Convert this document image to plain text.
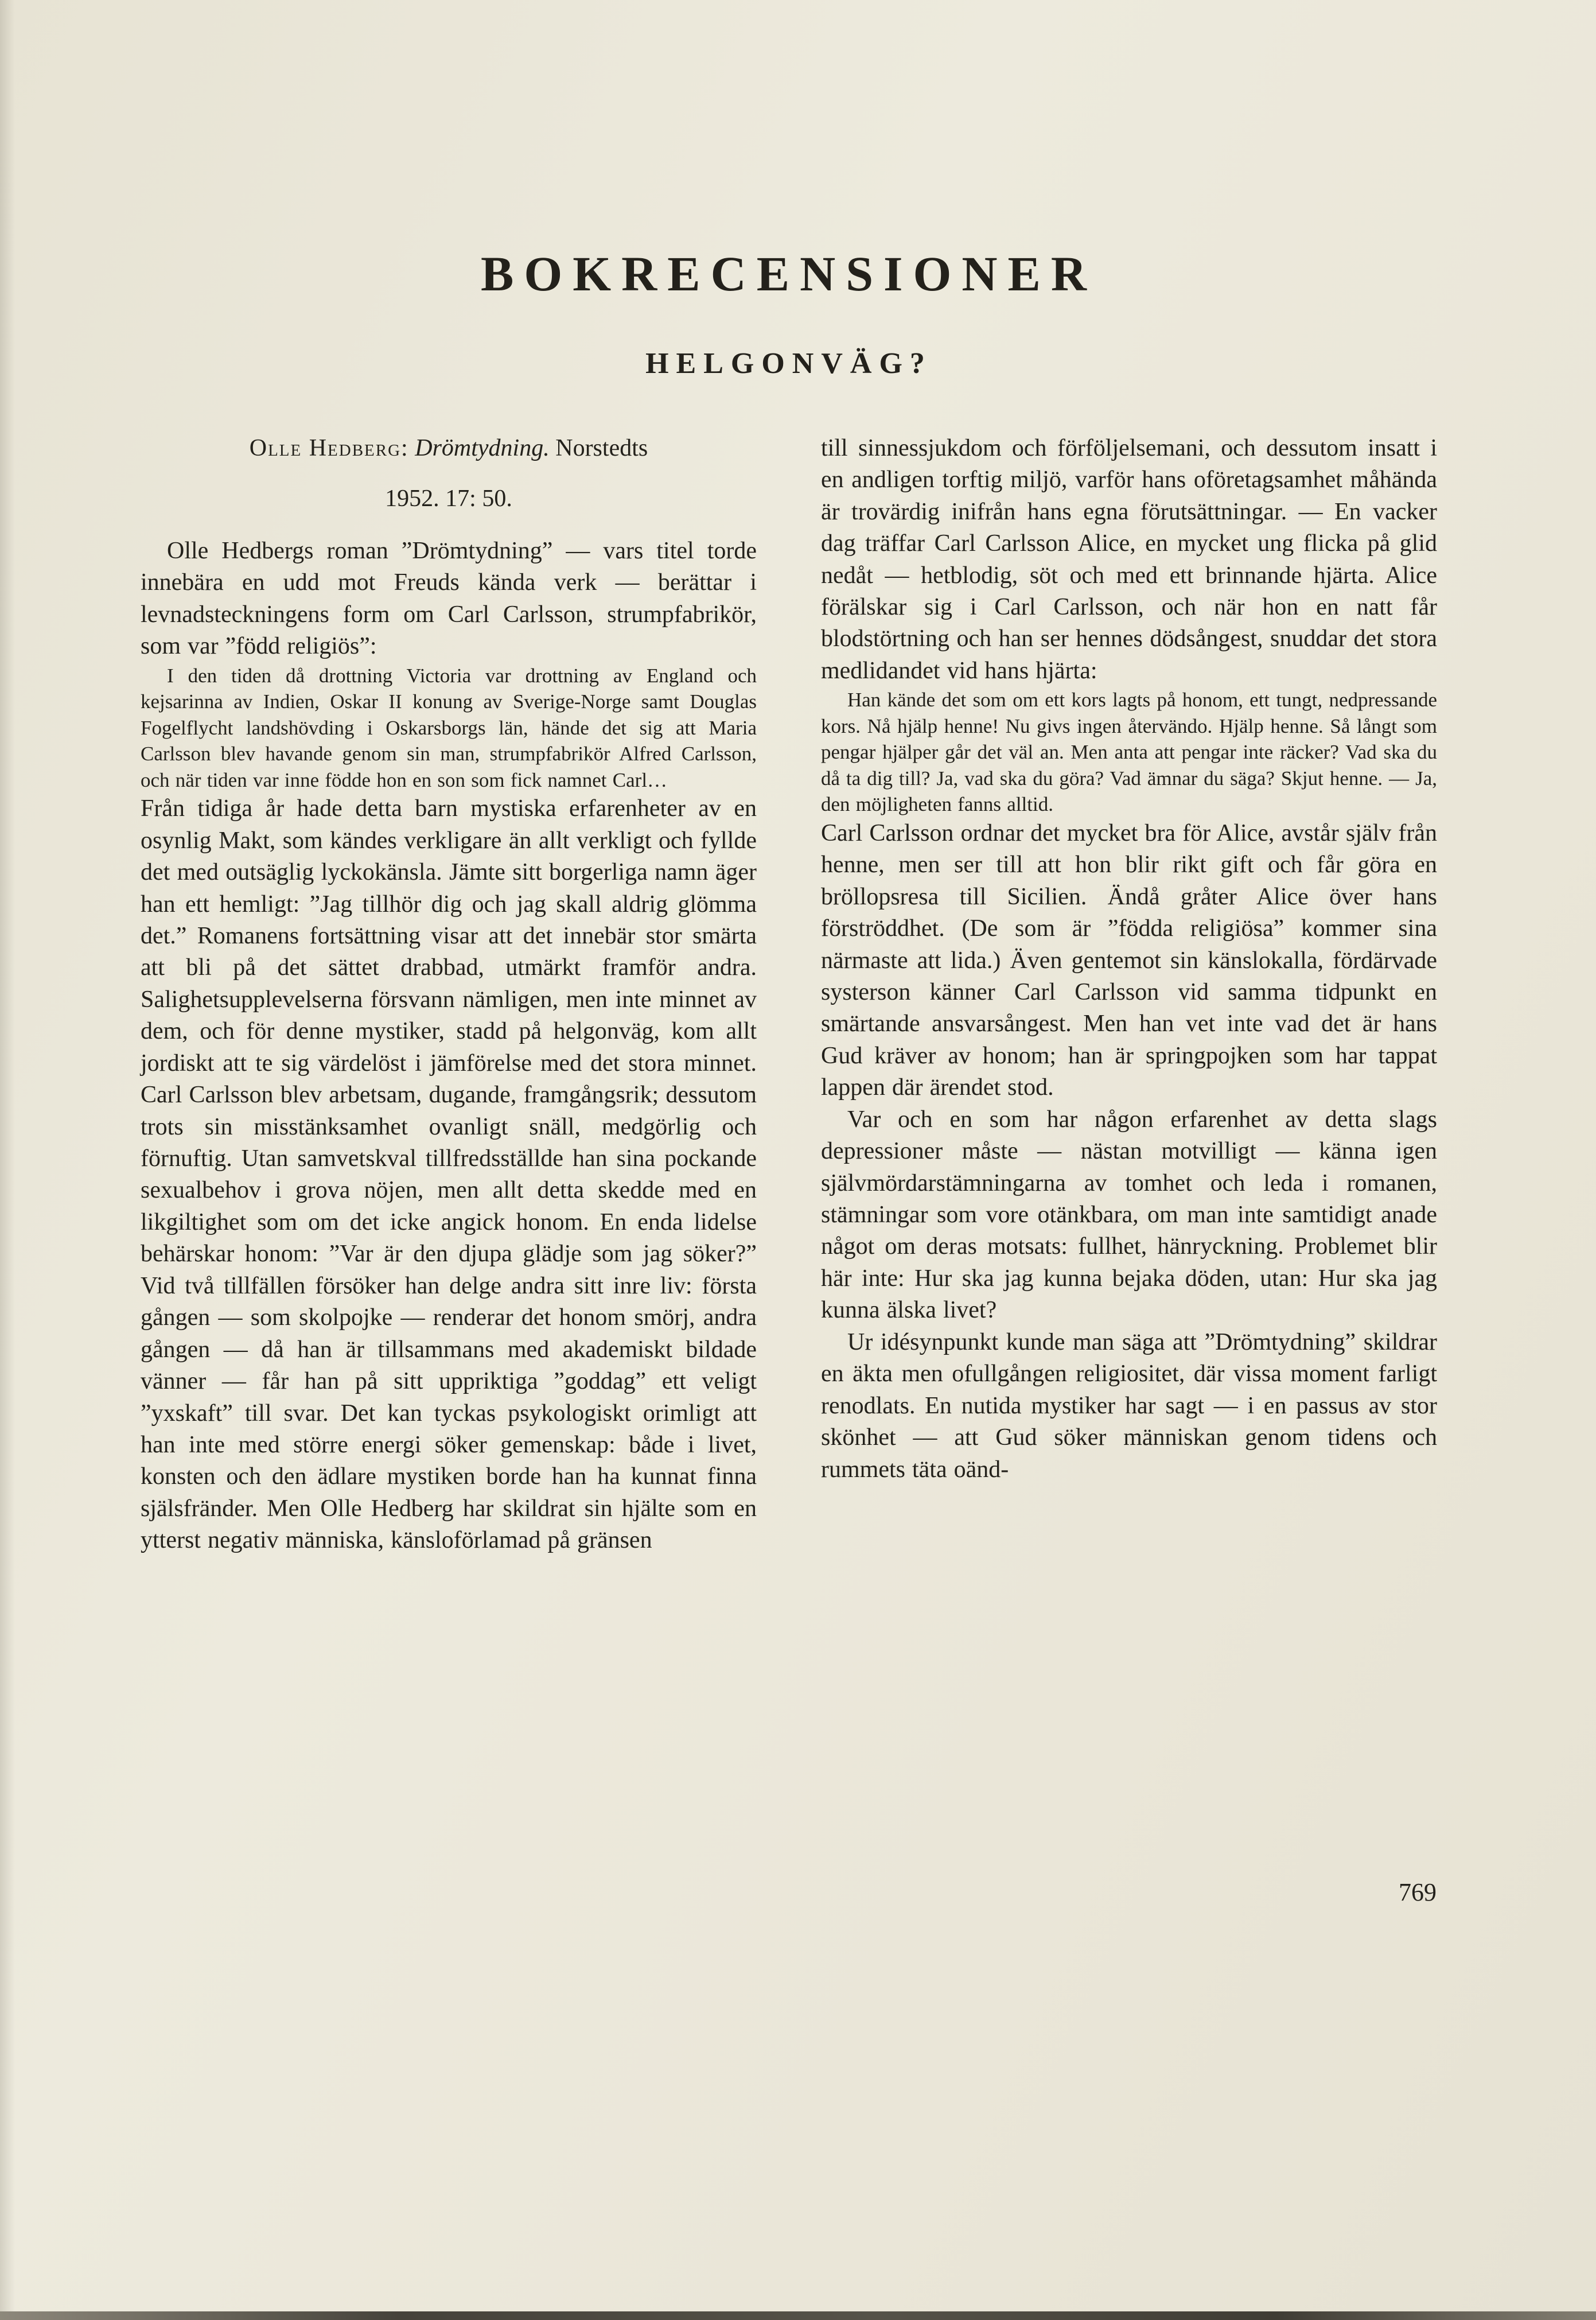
BOKRECENSIONER
HELGONVÄG?

Olle Hedberg: Drömtydning. Norstedts

1952. 17: 50.

Olle Hedbergs roman ”Drömtydning” — vars titel torde innebära en udd mot Freuds kända verk — berättar i levnadsteckningens form om Carl Carlsson, strumpfabrikör, som var ”född religiös”:

I den tiden då drottning Victoria var drottning av England och kejsarinna av Indien, Oskar II konung av Sverige-Norge samt Douglas Fogelflycht landshövding i Oskarsborgs län, hände det sig att Maria Carlsson blev havande genom sin man, strumpfabrikör Alfred Carlsson, och när tiden var inne födde hon en son som fick namnet Carl…

Från tidiga år hade detta barn mystiska erfarenheter av en osynlig Makt, som kändes verkligare än allt verkligt och fyllde det med outsäglig lyckokänsla. Jämte sitt borgerliga namn äger han ett hemligt: ”Jag tillhör dig och jag skall aldrig glömma det.” Romanens fortsättning visar att det innebär stor smärta att bli på det sättet drabbad, utmärkt framför andra. Salighetsupplevelserna försvann nämligen, men inte minnet av dem, och för denne mystiker, stadd på helgonväg, kom allt jordiskt att te sig värdelöst i jämförelse med det stora minnet. Carl Carlsson blev arbetsam, dugande, framgångsrik; dessutom trots sin misstänksamhet ovanligt snäll, medgörlig och förnuftig. Utan samvetskval tillfredsställde han sina pockande sexualbehov i grova nöjen, men allt detta skedde med en likgiltighet som om det icke angick honom. En enda lidelse behärskar honom: ”Var är den djupa glädje som jag söker?” Vid två tillfällen försöker han delge andra sitt inre liv: första gången — som skolpojke — renderar det honom smörj, andra gången — då han är tillsammans med akademiskt bildade vänner — får han på sitt uppriktiga ”goddag” ett veligt ”yxskaft” till svar. Det kan tyckas psykologiskt orimligt att han inte med större energi söker gemenskap: både i livet, konsten och den ädlare mystiken borde han ha kunnat finna själsfränder. Men Olle Hedberg har skildrat sin hjälte som en ytterst negativ människa, känsloförlamad på gränsen

till sinnessjukdom och förföljelsemani, och dessutom insatt i en andligen torftig miljö, varför hans oföretagsamhet måhända är trovärdig inifrån hans egna förutsättningar. — En vacker dag träffar Carl Carlsson Alice, en mycket ung flicka på glid nedåt — hetblodig, söt och med ett brinnande hjärta. Alice förälskar sig i Carl Carlsson, och när hon en natt får blodstörtning och han ser hennes dödsångest, snuddar det stora medlidandet vid hans hjärta:

Han kände det som om ett kors lagts på honom, ett tungt, nedpressande kors. Nå hjälp henne! Nu givs ingen återvändo. Hjälp henne. Så långt som pengar hjälper går det väl an. Men anta att pengar inte räcker? Vad ska du då ta dig till? Ja, vad ska du göra? Vad ämnar du säga? Skjut henne. — Ja, den möjligheten fanns alltid.

Carl Carlsson ordnar det mycket bra för Alice, avstår själv från henne, men ser till att hon blir rikt gift och får göra en bröllopsresa till Sicilien. Ändå gråter Alice över hans förströddhet. (De som är ”födda religiösa” kommer sina närmaste att lida.) Även gentemot sin känslokalla, fördärvade systerson känner Carl Carlsson vid samma tidpunkt en smärtande ansvarsångest. Men han vet inte vad det är hans Gud kräver av honom; han är springpojken som har tappat lappen där ärendet stod.

Var och en som har någon erfarenhet av detta slags depressioner måste — nästan motvilligt — känna igen självmördarstämningarna av tomhet och leda i romanen, stämningar som vore otänkbara, om man inte samtidigt anade något om deras motsats: fullhet, hänryckning. Problemet blir här inte: Hur ska jag kunna bejaka döden, utan: Hur ska jag kunna älska livet?

Ur idésynpunkt kunde man säga att ”Drömtydning” skildrar en äkta men ofullgången religiositet, där vissa moment farligt renodlats. En nutida mystiker har sagt — i en passus av stor skönhet — att Gud söker människan genom tidens och rummets täta oänd-

769
